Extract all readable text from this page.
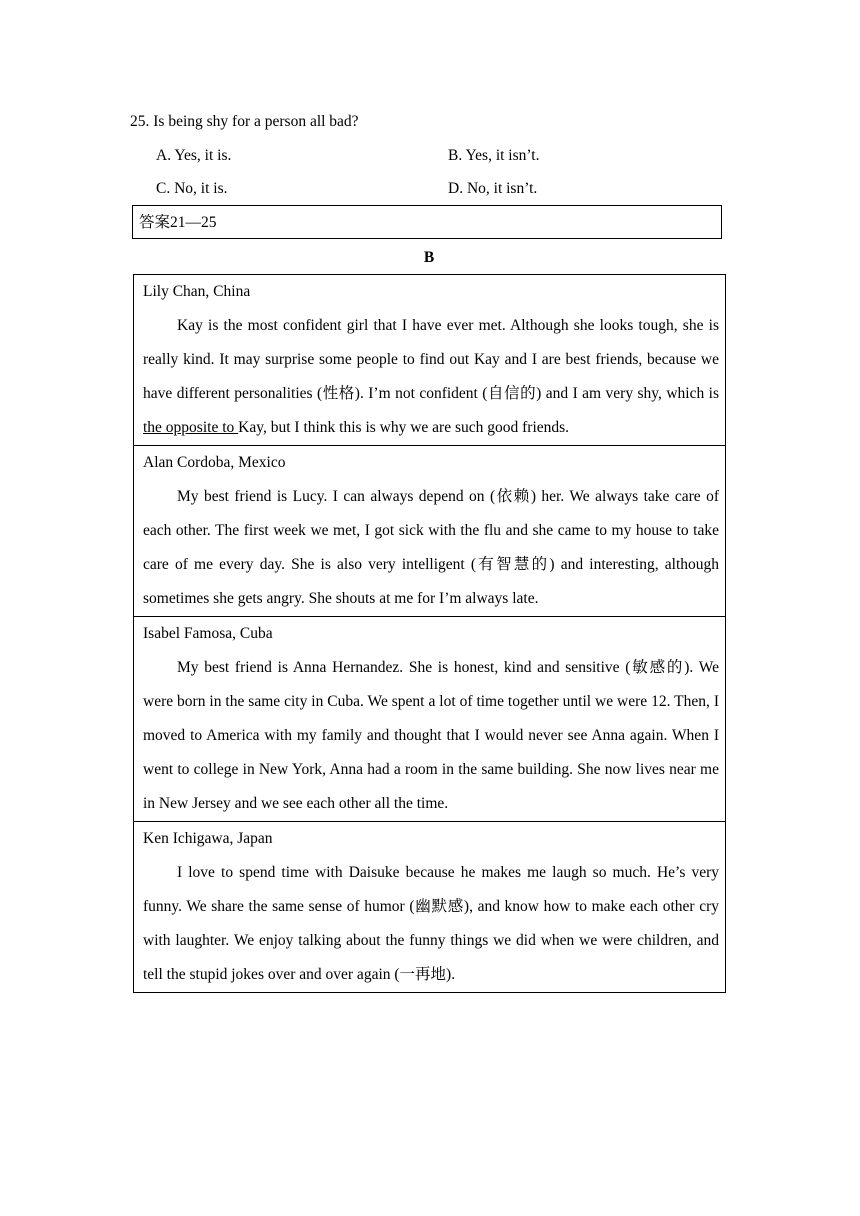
25. Is being shy for a person all bad?
A. Yes, it is.	B. Yes, it isn’t.
C. No, it is.	D. No, it isn’t.
答案21—25
B
Lily Chan, China
Kay is the most confident girl that I have ever met. Although she looks tough, she is really kind. It may surprise some people to find out Kay and I are best friends, because we have different personalities (性格). I’m not confident (自信的) and I am very shy, which is the opposite to Kay, but I think this is why we are such good friends.

Alan Cordoba, Mexico
My best friend is Lucy. I can always depend on (依赖) her. We always take care of each other. The first week we met, I got sick with the flu and she came to my house to take care of me every day. She is also very intelligent (有智慧的) and interesting, although sometimes she gets angry. She shouts at me for I’m always late.

Isabel Famosa, Cuba
My best friend is Anna Hernandez. She is honest, kind and sensitive (敏感的). We were born in the same city in Cuba. We spent a lot of time together until we were 12. Then, I moved to America with my family and thought that I would never see Anna again. When I went to college in New York, Anna had a room in the same building. She now lives near me in New Jersey and we see each other all the time.

Ken Ichigawa, Japan
I love to spend time with Daisuke because he makes me laugh so much. He’s very funny. We share the same sense of humor (幽默感), and know how to make each other cry with laughter. We enjoy talking about the funny things we did when we were children, and tell the stupid jokes over and over again (一再地).
